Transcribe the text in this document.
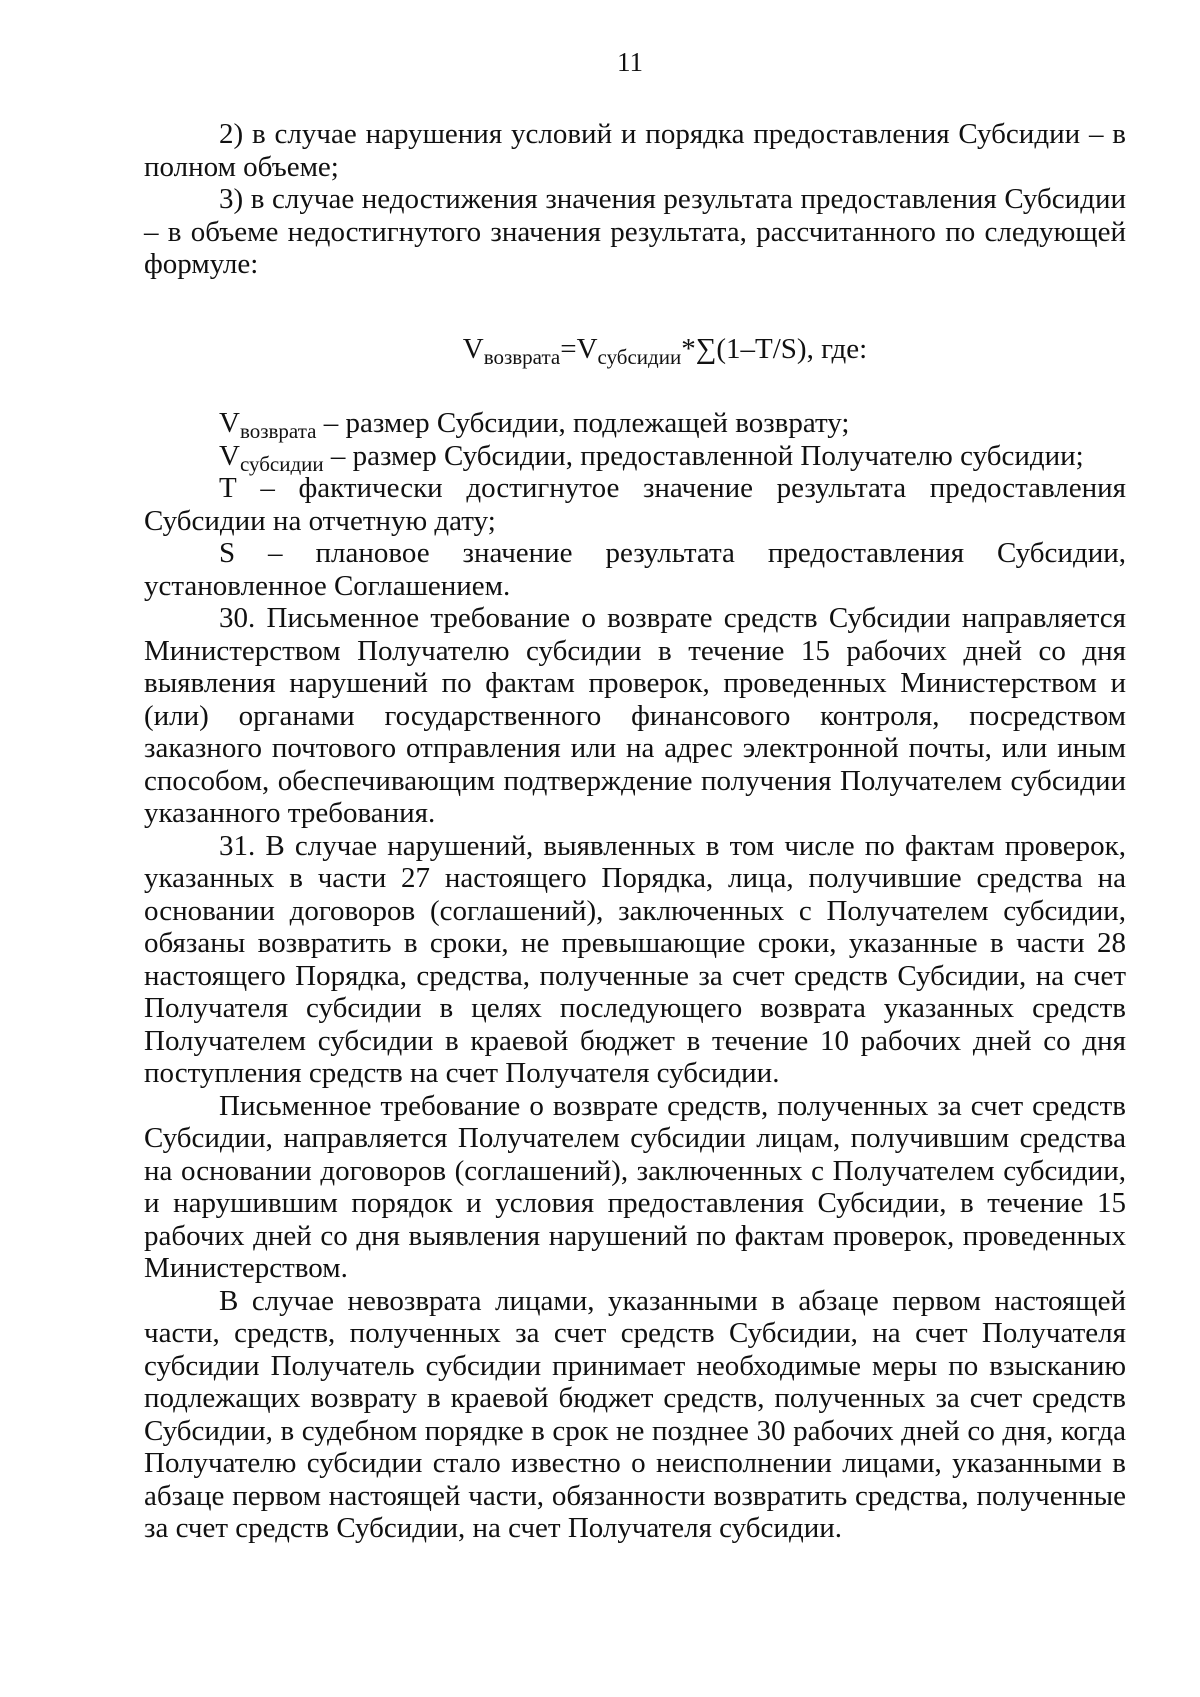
11

2) в случае нарушения условий и порядка предоставления Субсидии – в полном объеме;

3) в случае недостижения значения результата предоставления Субсидии – в объеме недостигнутого значения результата, рассчитанного по следующей формуле:

$V_{возврата}=V_{субсидии}*\sum(1-T/S)$, где:

$V_{возврата}$ – размер Субсидии, подлежащей возврату;

$V_{субсидии}$ – размер Субсидии, предоставленной Получателю субсидии;

Т – фактически достигнутое значение результата предоставления Субсидии на отчетную дату;

S – плановое значение результата предоставления Субсидии, установленное Соглашением.

30. Письменное требование о возврате средств Субсидии направляется Министерством Получателю субсидии в течение 15 рабочих дней со дня выявления нарушений по фактам проверок, проведенных Министерством и (или) органами государственного финансового контроля, посредством заказного почтового отправления или на адрес электронной почты, или иным способом, обеспечивающим подтверждение получения Получателем субсидии указанного требования.

31. В случае нарушений, выявленных в том числе по фактам проверок, указанных в части 27 настоящего Порядка, лица, получившие средства на основании договоров (соглашений), заключенных с Получателем субсидии, обязаны возвратить в сроки, не превышающие сроки, указанные в части 28 настоящего Порядка, средства, полученные за счет средств Субсидии, на счет Получателя субсидии в целях последующего возврата указанных средств Получателем субсидии в краевой бюджет в течение 10 рабочих дней со дня поступления средств на счет Получателя субсидии.

Письменное требование о возврате средств, полученных за счет средств Субсидии, направляется Получателем субсидии лицам, получившим средства на основании договоров (соглашений), заключенных с Получателем субсидии, и нарушившим порядок и условия предоставления Субсидии, в течение 15 рабочих дней со дня выявления нарушений по фактам проверок, проведенных Министерством.

В случае невозврата лицами, указанными в абзаце первом настоящей части, средств, полученных за счет средств Субсидии, на счет Получателя субсидии Получатель субсидии принимает необходимые меры по взысканию подлежащих возврату в краевой бюджет средств, полученных за счет средств Субсидии, в судебном порядке в срок не позднее 30 рабочих дней со дня, когда Получателю субсидии стало известно о неисполнении лицами, указанными в абзаце первом настоящей части, обязанности возвратить средства, полученные за счет средств Субсидии, на счет Получателя субсидии.
